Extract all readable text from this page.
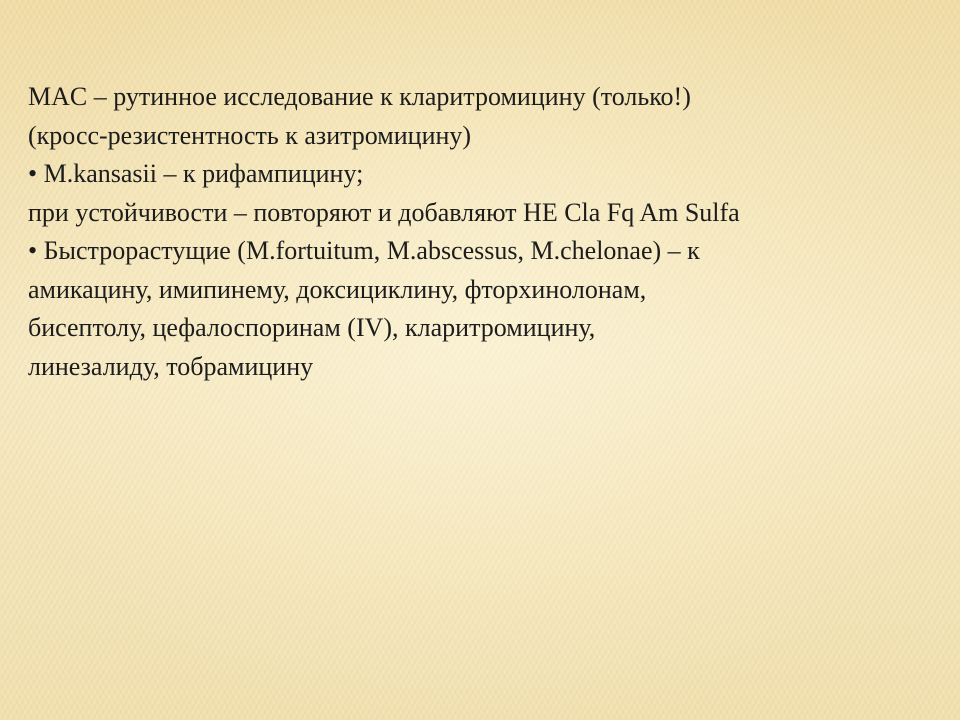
MAC – рутинное исследование к кларитромицину (только!)
(кросс-резистентность к азитромицину)
• M.kansasii – к рифампицину;
при устойчивости – повторяют и добавляют НЕ Cla Fq Am Sulfa
• Быстрорастущие (M.fortuitum, M.abscessus, M.chelonae) – к
амикацину, имипинему, доксициклину, фторхинолонам,
бисептолу, цефалоспоринам (IV), кларитромицину,
линезалиду, тобрамицину
